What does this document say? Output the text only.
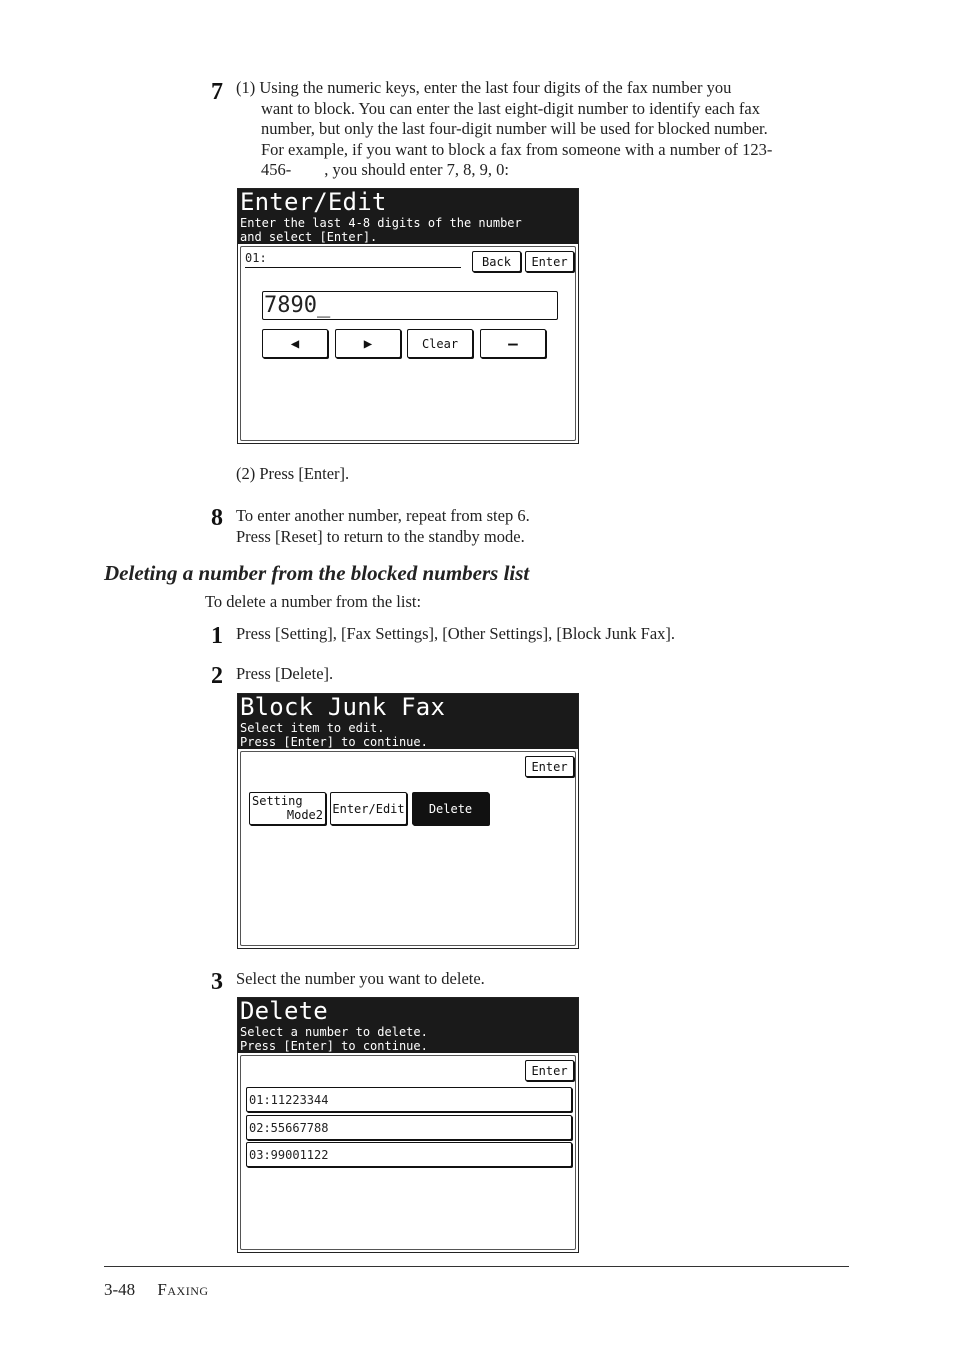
7 (1) Using the numeric keys, enter the last four digits of the fax number you
want to block. You can enter the last eight-digit number to identify each fax
number, but only the last four-digit number will be used for blocked number.
For example, if you want to block a fax from someone with a number of 123-
456-        , you should enter 7, 8, 9, 0:
Enter/Edit
Enter the last 4-8 digits of the number
and select [Enter].
01:	Back	Enter
7890_
◀	▶	Clear	–
(2) Press [Enter].
8 To enter another number, repeat from step 6.
Press [Reset] to return to the standby mode.
Deleting a number from the blocked numbers list
To delete a number from the list:
1 Press [Setting], [Fax Settings], [Other Settings], [Block Junk Fax].
2 Press [Delete].
Block Junk Fax
Select item to edit.
Press [Enter] to continue.
Enter
Setting
Mode2 Enter/Edit	Delete
3 Select the number you want to delete.
Delete
Select a number to delete.
Press [Enter] to continue.
Enter
01:11223344
02:55667788
03:99001122
3-48 Faxing
